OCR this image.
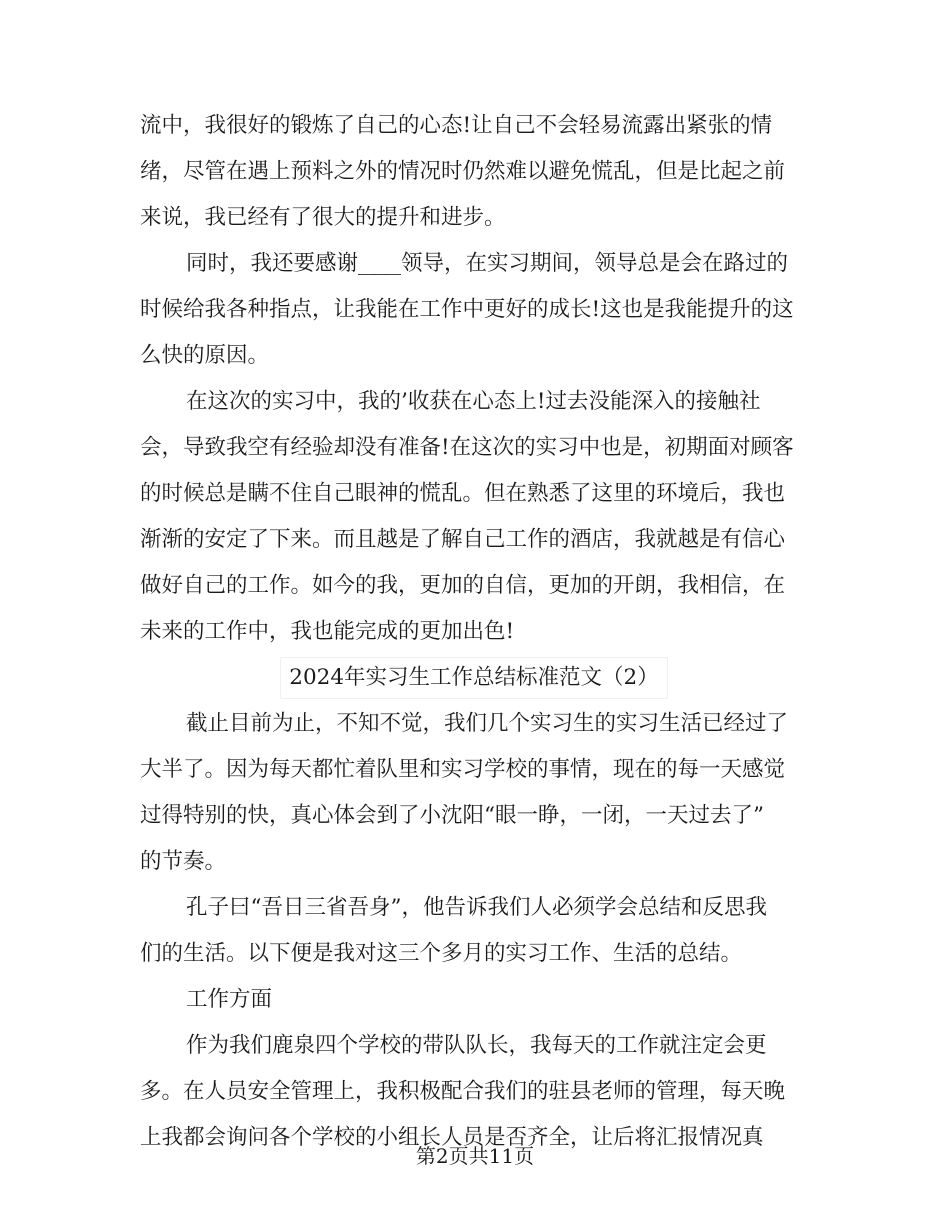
流中，我很好的锻炼了自己的心态!让自己不会轻易流露出紧张的情
绪，尽管在遇上预料之外的情况时仍然难以避免慌乱，但是比起之前
来说，我已经有了很大的提升和进步。
同时，我还要感谢____领导，在实习期间，领导总是会在路过的
时候给我各种指点，让我能在工作中更好的成长!这也是我能提升的这
么快的原因。
在这次的实习中，我的’收获在心态上!过去没能深入的接触社
会，导致我空有经验却没有准备!在这次的实习中也是，初期面对顾客
的时候总是瞒不住自己眼神的慌乱。但在熟悉了这里的环境后，我也
渐渐的安定了下来。而且越是了解自己工作的酒店，我就越是有信心
做好自己的工作。如今的我，更加的自信，更加的开朗，我相信，在
未来的工作中，我也能完成的更加出色!
2024年实习生工作总结标准范文（2）
截止目前为止，不知不觉，我们几个实习生的实习生活已经过了
大半了。因为每天都忙着队里和实习学校的事情，现在的每一天感觉
过得特别的快，真心体会到了小沈阳“眼一睁，一闭，一天过去了”
的节奏。
孔子曰“吾日三省吾身”，他告诉我们人必须学会总结和反思我
们的生活。以下便是我对这三个多月的实习工作、生活的总结。
工作方面
作为我们鹿泉四个学校的带队队长，我每天的工作就注定会更
多。在人员安全管理上，我积极配合我们的驻县老师的管理，每天晚
上我都会询问各个学校的小组长人员是否齐全，让后将汇报情况真
第2页共11页
